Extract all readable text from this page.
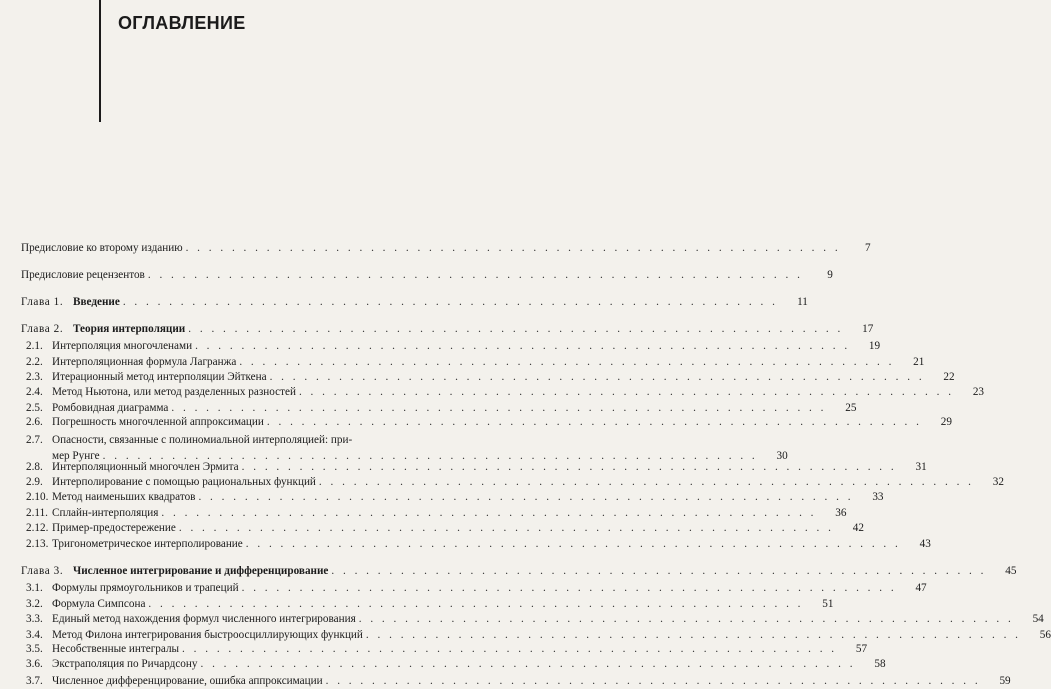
ОГЛАВЛЕНИЕ
Предисловие ко второму изданию . . . . . . . . . . . . . . . . . . . . . . . . . . . . . . . . . . . . . . . . . . . . . . . . . . . . . . . . .	7
Предисловие рецензентов . . . . . . . . . . . . . . . . . . . . . . . . . . . . . . . . . . . . . . . . . . . . . . . . . . . . . . . . .	9
Глава 1. Введение . . . . . . . . . . . . . . . . . . . . . . . . . . . . . . . . . . . . . . . . . . . . . . . . . . . . . . . . .	11
Глава 2. Теория интерполяции . . . . . . . . . . . . . . . . . . . . . . . . . . . . . . . . . . . . . . . . . . . . . . . . . . . . . . . . .	17
2.1. Интерполяция многочленами . . . . . . . . . . . . . . . . . . . . . . . . . . . . . . . . . . . . . . . . . . . . . . . . . . . . . . . . .	19
2.2. Интерполяционная формула Лагранжа . . . . . . . . . . . . . . . . . . . . . . . . . . . . . . . . . . . . . . . . . . . . . . . . . . . . . . . . .	21
2.3. Итерационный метод интерполяции Эйткена . . . . . . . . . . . . . . . . . . . . . . . . . . . . . . . . . . . . . . . . . . . . . . . . . . . . . . . . .	22
2.4. Метод Ньютона, или метод разделенных разностей . . . . . . . . . . . . . . . . . . . . . . . . . . . . . . . . . . . . . . . . . . . . . . . . . . . . . . . . .	23
2.5. Ромбовидная диаграмма . . . . . . . . . . . . . . . . . . . . . . . . . . . . . . . . . . . . . . . . . . . . . . . . . . . . . . . . .	25
2.6. Погрешность многочленной аппроксимации . . . . . . . . . . . . . . . . . . . . . . . . . . . . . . . . . . . . . . . . . . . . . . . . . . . . . . . . .	29
2.7. Опасности, связанные с полиномиальной интерполяцией: при-
мер Рунге . . . . . . . . . . . . . . . . . . . . . . . . . . . . . . . . . . . . . . . . . . . . . . . . . . . . . . . . .	30
2.8. Интерполяционный многочлен Эрмита . . . . . . . . . . . . . . . . . . . . . . . . . . . . . . . . . . . . . . . . . . . . . . . . . . . . . . . . .	31
2.9. Интерполирование с помощью рациональных функций . . . . . . . . . . . . . . . . . . . . . . . . . . . . . . . . . . . . . . . . . . . . . . . . . . . . . . . . .	32
2.10. Метод наименьших квадратов . . . . . . . . . . . . . . . . . . . . . . . . . . . . . . . . . . . . . . . . . . . . . . . . . . . . . . . . .	33
2.11. Сплайн-интерполяция . . . . . . . . . . . . . . . . . . . . . . . . . . . . . . . . . . . . . . . . . . . . . . . . . . . . . . . . .	36
2.12. Пример-предостережение . . . . . . . . . . . . . . . . . . . . . . . . . . . . . . . . . . . . . . . . . . . . . . . . . . . . . . . . .	42
2.13. Тригонометрическое интерполирование . . . . . . . . . . . . . . . . . . . . . . . . . . . . . . . . . . . . . . . . . . . . . . . . . . . . . . . . .	43
Глава 3. Численное интегрирование и дифференцирование . . . . . . . . . . . . . . . . . . . . . . . . . . . . . . . . . . . . . . . . . . . . . . . . . . . . . . . . .	45
3.1. Формулы прямоугольников и трапеций . . . . . . . . . . . . . . . . . . . . . . . . . . . . . . . . . . . . . . . . . . . . . . . . . . . . . . . . .	47
3.2. Формула Симпсона . . . . . . . . . . . . . . . . . . . . . . . . . . . . . . . . . . . . . . . . . . . . . . . . . . . . . . . . .	51
3.3. Единый метод нахождения формул численного интегрирования . . . . . . . . . . . . . . . . . . . . . . . . . . . . . . . . . . . . . . . . . . . . . . . . . . . . . . . . .	54
3.4. Метод Филона интегрирования быстроосциллирующих функций . . . . . . . . . . . . . . . . . . . . . . . . . . . . . . . . . . . . . . . . . . . . . . . . . . . . . . . . .	56
3.5. Несобственные интегралы . . . . . . . . . . . . . . . . . . . . . . . . . . . . . . . . . . . . . . . . . . . . . . . . . . . . . . . . .	57
3.6. Экстраполяция по Ричардсону . . . . . . . . . . . . . . . . . . . . . . . . . . . . . . . . . . . . . . . . . . . . . . . . . . . . . . . . .	58
3.7. Численное дифференцирование, ошибка аппроксимации . . . . . . . . . . . . . . . . . . . . . . . . . . . . . . . . . . . . . . . . . . . . . . . . . . . . . . . . .	59
